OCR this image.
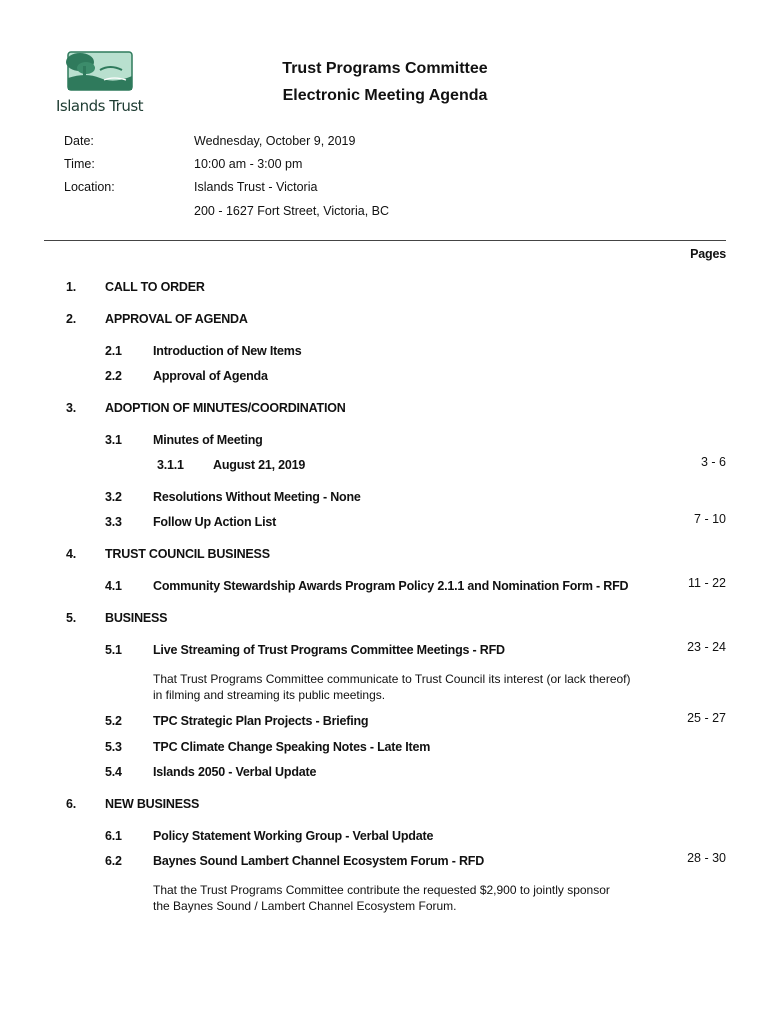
Islands Trust
Trust Programs Committee
Electronic Meeting Agenda
Date:	Wednesday, October 9, 2019
Time:	10:00 am - 3:00 pm
Location:	Islands Trust - Victoria
200 - 1627 Fort Street, Victoria, BC
Pages
1. CALL TO ORDER
2. APPROVAL OF AGENDA
2.1 Introduction of New Items
2.2 Approval of Agenda
3. ADOPTION OF MINUTES/COORDINATION
3.1 Minutes of Meeting
3.1.1 August 21, 2019	3 - 6
3.2 Resolutions Without Meeting - None
3.3 Follow Up Action List	7 - 10
4. TRUST COUNCIL BUSINESS
4.1 Community Stewardship Awards Program Policy 2.1.1 and Nomination Form - RFD	11 - 22
5. BUSINESS
5.1 Live Streaming of Trust Programs Committee Meetings - RFD	23 - 24
That Trust Programs Committee communicate to Trust Council its interest (or lack thereof) in filming and streaming its public meetings.
5.2 TPC Strategic Plan Projects - Briefing	25 - 27
5.3 TPC Climate Change Speaking Notes - Late Item
5.4 Islands 2050 - Verbal Update
6. NEW BUSINESS
6.1 Policy Statement Working Group - Verbal Update
6.2 Baynes Sound Lambert Channel Ecosystem Forum - RFD	28 - 30
That the Trust Programs Committee contribute the requested $2,900 to jointly sponsor the Baynes Sound / Lambert Channel Ecosystem Forum.
